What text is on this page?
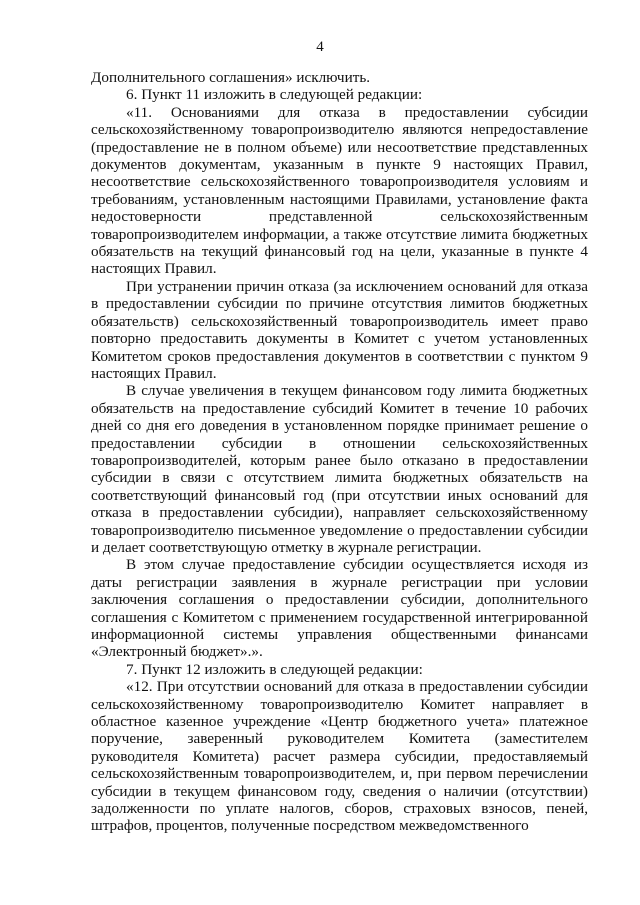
4

Дополнительного соглашения» исключить.

6. Пункт 11 изложить в следующей редакции:

«11. Основаниями для отказа в предоставлении субсидии сельскохозяйственному товаропроизводителю являются непредоставление (предоставление не в полном объеме) или несоответствие представленных документов документам, указанным в пункте 9 настоящих Правил, несоответствие сельскохозяйственного товаропроизводителя условиям и требованиям, установленным настоящими Правилами, установление факта недостоверности представленной сельскохозяйственным товаропроизводителем информации, а также отсутствие лимита бюджетных обязательств на текущий финансовый год на цели, указанные в пункте 4 настоящих Правил.

При устранении причин отказа (за исключением оснований для отказа в предоставлении субсидии по причине отсутствия лимитов бюджетных обязательств) сельскохозяйственный товаропроизводитель имеет право повторно предоставить документы в Комитет с учетом установленных Комитетом сроков предоставления документов в соответствии с пунктом 9 настоящих Правил.

В случае увеличения в текущем финансовом году лимита бюджетных обязательств на предоставление субсидий Комитет в течение 10 рабочих дней со дня его доведения в установленном порядке принимает решение о предоставлении субсидии в отношении сельскохозяйственных товаропроизводителей, которым ранее было отказано в предоставлении субсидии в связи с отсутствием лимита бюджетных обязательств на соответствующий финансовый год (при отсутствии иных оснований для отказа в предоставлении субсидии), направляет сельскохозяйственному товаропроизводителю письменное уведомление о предоставлении субсидии и делает соответствующую отметку в журнале регистрации.

В этом случае предоставление субсидии осуществляется исходя из даты регистрации заявления в журнале регистрации при условии заключения соглашения о предоставлении субсидии, дополнительного соглашения с Комитетом с применением государственной интегрированной информационной системы управления общественными финансами «Электронный бюджет».».

7. Пункт 12 изложить в следующей редакции:

«12. При отсутствии оснований для отказа в предоставлении субсидии сельскохозяйственному товаропроизводителю Комитет направляет в областное казенное учреждение «Центр бюджетного учета» платежное поручение, заверенный руководителем Комитета (заместителем руководителя Комитета) расчет размера субсидии, предоставляемый сельскохозяйственным товаропроизводителем, и, при первом перечислении субсидии в текущем финансовом году, сведения о наличии (отсутствии) задолженности по уплате налогов, сборов, страховых взносов, пеней, штрафов, процентов, полученные посредством межведомственного
